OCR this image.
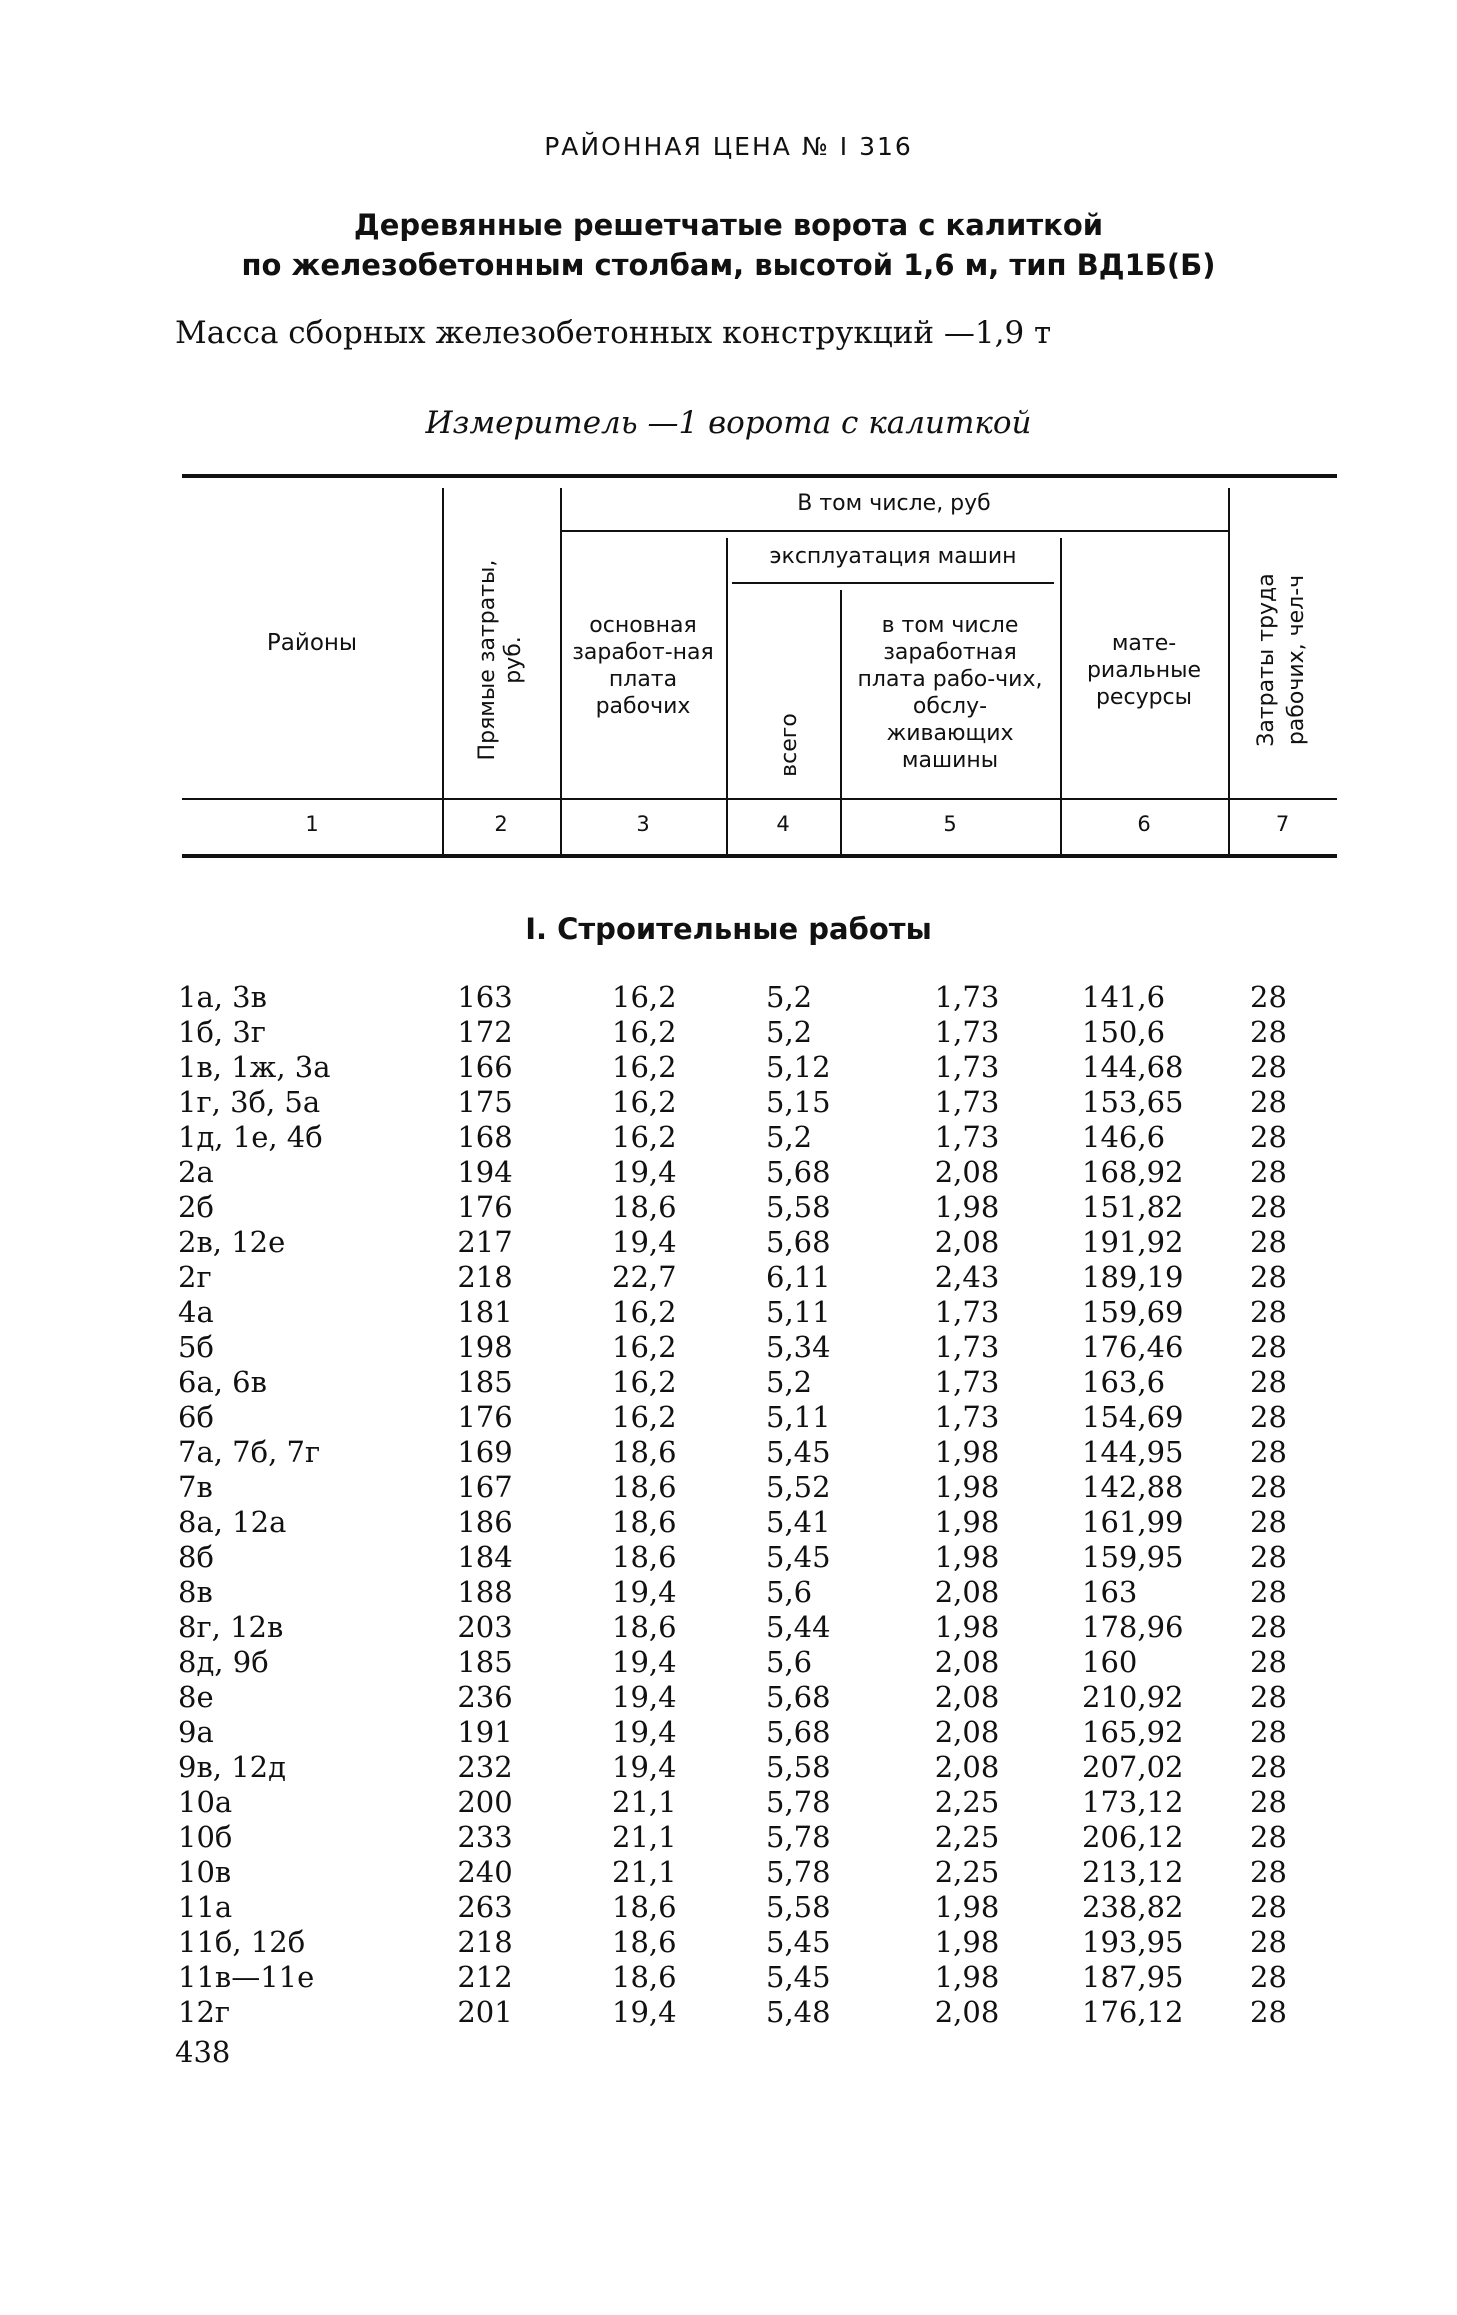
РАЙОННАЯ ЦЕНА № I 316
Деревянные решетчатые ворота с калиткой
по железобетонным столбам, высотой 1,6 м, тип ВД1Б(Б)
Масса сборных железобетонных конструкций —1,9 т
Измеритель —1 ворота с калиткой
Районы	Прямые затраты, руб.
В том числе, руб
основная заработ-ная плата рабочих
эксплуатация машин
всего
в том числе заработная плата рабо-чих, обслу-живающих машины
мате-риальные ресурсы	Затраты труда рабочих, чел-ч
1	2	3	4	5	6	7
I. Строительные работы
1а, 3в	163	16,2	5,2	1,73	141,6	28
1б, 3г	172	16,2	5,2	1,73	150,6	28
1в, 1ж, 3а	166	16,2	5,12	1,73	144,68 28
1г, 3б, 5а	175	16,2	5,15	1,73	153,65 28
1д, 1е, 4б	168	16,2	5,2	1,73	146,6	28
2а	194	19,4	5,68	2,08	168,92 28
2б	176	18,6	5,58	1,98	151,82 28
2в, 12е	217	19,4	5,68	2,08	191,92 28
2г	218	22,7	6,11	2,43	189,19 28
4а	181	16,2	5,11	1,73	159,69 28
5б	198	16,2	5,34	1,73	176,46 28
6а, 6в	185	16,2	5,2	1,73	163,6	28
6б	176	16,2	5,11	1,73	154,69 28
7а, 7б, 7г	169	18,6	5,45	1,98	144,95 28
7в	167	18,6	5,52	1,98	142,88 28
8а, 12а	186	18,6	5,41	1,98	161,99 28
8б	184	18,6	5,45	1,98	159,95 28
8в	188	19,4	5,6	2,08	163	28
8г, 12в	203	18,6	5,44	1,98	178,96 28
8д, 9б	185	19,4	5,6	2,08	160	28
8е	236	19,4	5,68	2,08	210,92 28
9а	191	19,4	5,68	2,08	165,92 28
9в, 12д	232	19,4	5,58	2,08	207,02 28
10а	200	21,1	5,78	2,25	173,12 28
10б	233	21,1	5,78	2,25	206,12 28
10в	240	21,1	5,78	2,25	213,12 28
11а	263	18,6	5,58	1,98	238,82 28
11б, 12б	218	18,6	5,45	1,98	193,95 28
11в—11е	212	18,6	5,45	1,98	187,95 28
12г	201	19,4	5,48	2,08	176,12 28
438
